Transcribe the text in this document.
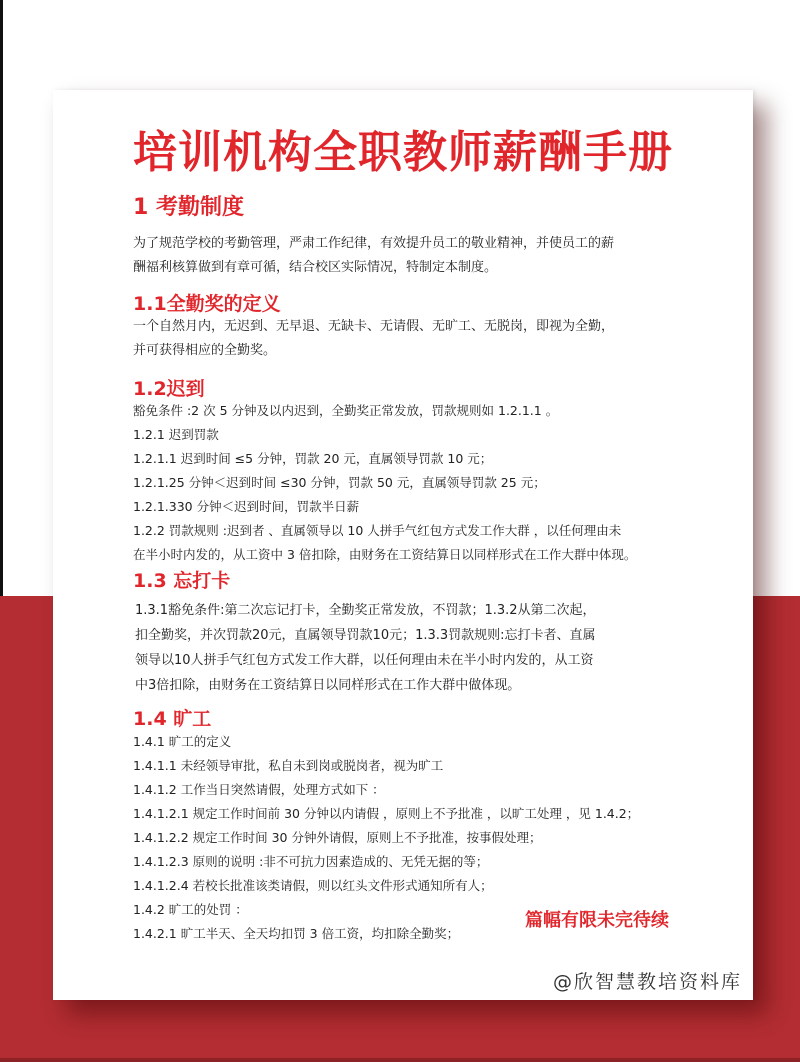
培训机构全职教师薪酬手册
1 考勤制度
为了规范学校的考勤管理，严肃工作纪律，有效提升员工的敬业精神，并使员工的薪
酬福利核算做到有章可循，结合校区实际情况，特制定本制度。
1.1全勤奖的定义
一个自然月内，无迟到、无早退、无缺卡、无请假、无旷工、无脱岗，即视为全勤，
并可获得相应的全勤奖。
1.2迟到
豁免条件 :2 次 5 分钟及以内迟到，全勤奖正常发放，罚款规则如 1.2.1.1 。
1.2.1 迟到罚款
1.2.1.1 迟到时间 ≤5 分钟，罚款 20 元，直属领导罚款 10 元；
1.2.1.25 分钟＜迟到时间 ≤30 分钟，罚款 50 元，直属领导罚款 25 元；
1.2.1.330 分钟＜迟到时间，罚款半日薪
1.2.2 罚款规则 :迟到者 、直属领导以 10 人拼手气红包方式发工作大群 ，以任何理由未
在半小时内发的，从工资中 3 倍扣除，由财务在工资结算日以同样形式在工作大群中体现。
1.3 忘打卡
1.3.1豁免条件:第二次忘记打卡，全勤奖正常发放，不罚款；1.3.2从第二次起，
扣全勤奖，并次罚款20元，直属领导罚款10元；1.3.3罚款规则:忘打卡者、直属
领导以10人拼手气红包方式发工作大群，以任何理由未在半小时内发的，从工资
中3倍扣除，由财务在工资结算日以同样形式在工作大群中做体现。
1.4 旷工
1.4.1 旷工的定义
1.4.1.1 未经领导审批，私自未到岗或脱岗者，视为旷工
1.4.1.2 工作当日突然请假，处理方式如下 ：
1.4.1.2.1 规定工作时间前 30 分钟以内请假 ，原则上不予批准 ，以旷工处理 ，见 1.4.2；
1.4.1.2.2 规定工作时间 30 分钟外请假，原则上不予批准，按事假处理；
1.4.1.2.3 原则的说明 :非不可抗力因素造成的、无凭无据的等；
1.4.1.2.4 若校长批准该类请假，则以红头文件形式通知所有人；
1.4.2 旷工的处罚 ：
1.4.2.1 旷工半天、全天均扣罚 3 倍工资，均扣除全勤奖；
篇幅有限未完待续
@欣智慧教培资料库
